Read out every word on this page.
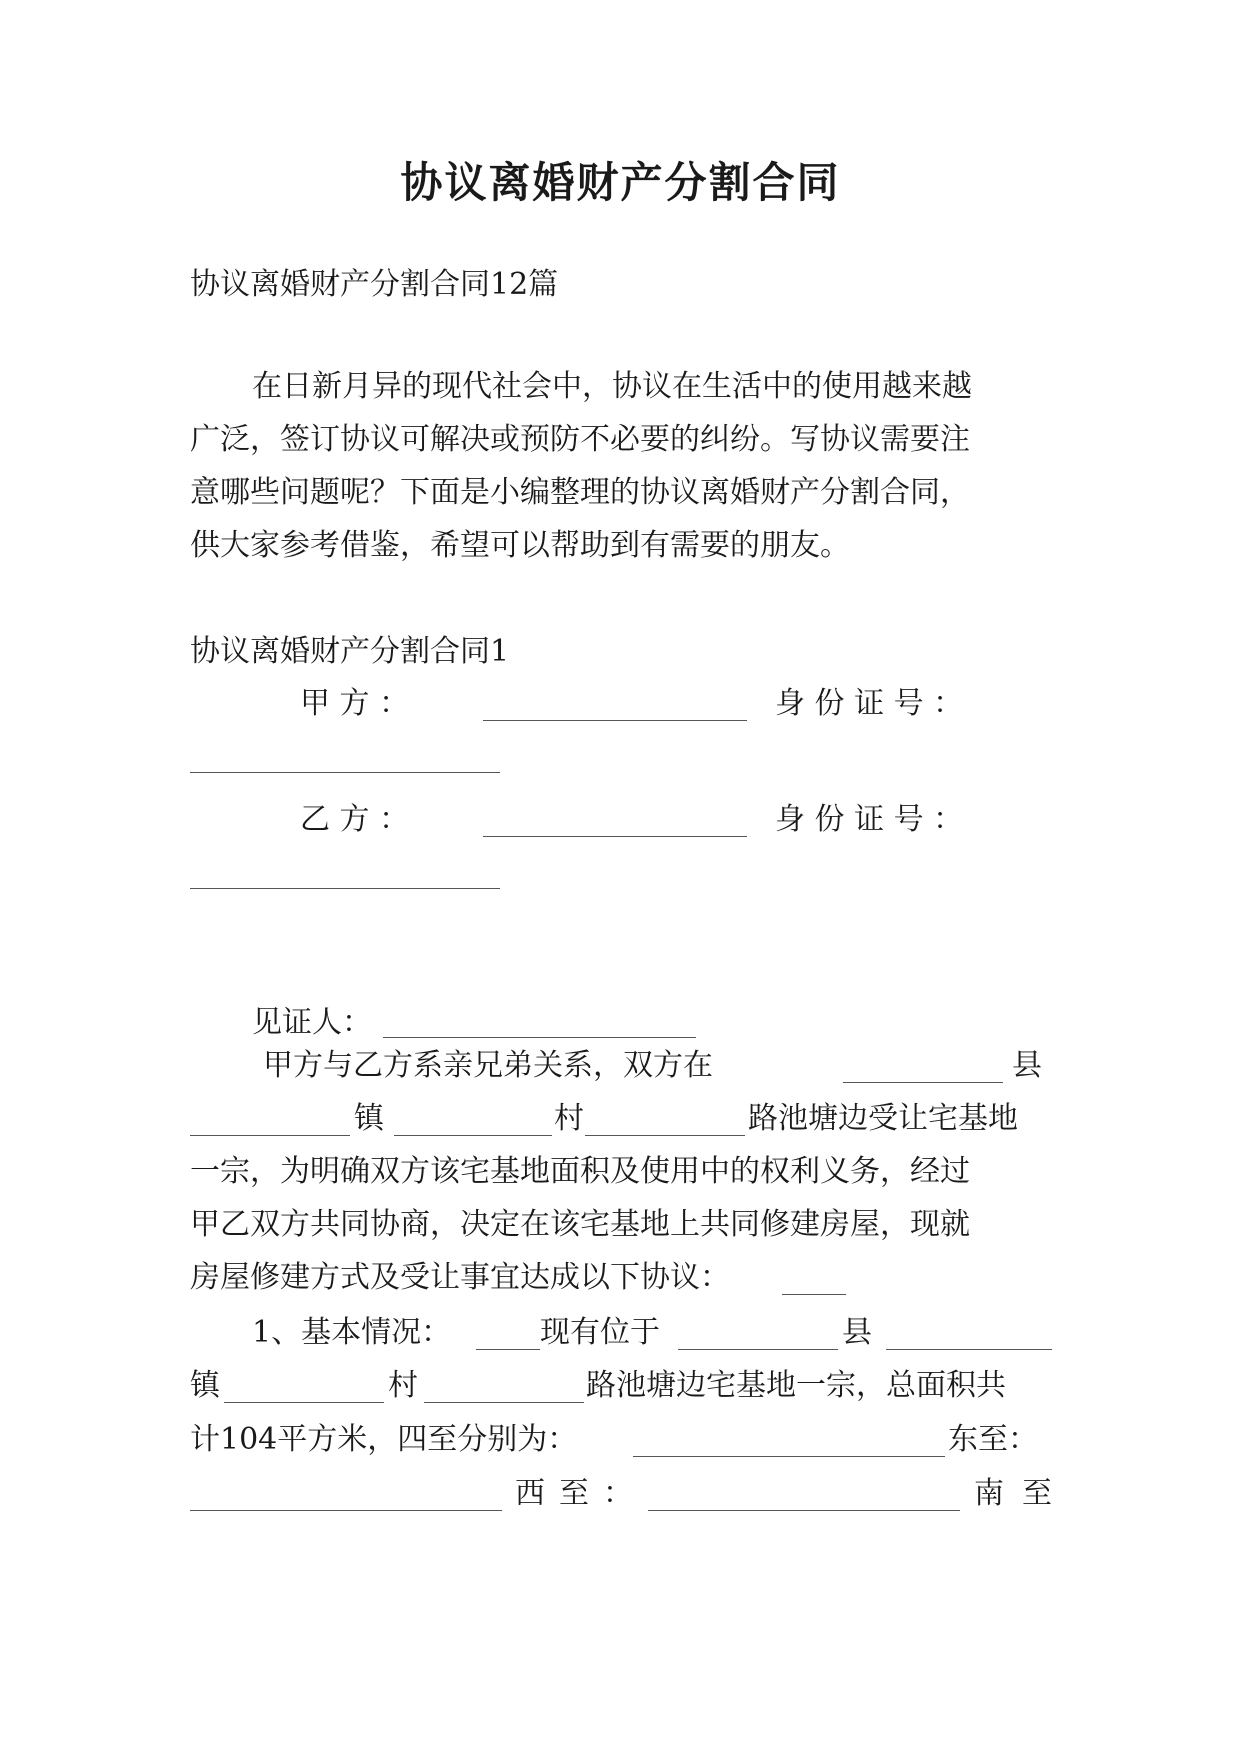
协议离婚财产分割合同
协议离婚财产分割合同12篇
在日新月异的现代社会中，协议在生活中的使用越来越
广泛，签订协议可解决或预防不必要的纠纷。写协议需要注
意哪些问题呢？下面是小编整理的协议离婚财产分割合同，
供大家参考借鉴，希望可以帮助到有需要的朋友。
协议离婚财产分割合同1
甲 方 ：	身 份 证 号 ：
乙 方 ：	身 份 证 号 ：
见证人：
甲方与乙方系亲兄弟关系，双方在	县
镇	村	路池塘边受让宅基地
一宗，为明确双方该宅基地面积及使用中的权利义务，经过
甲乙双方共同协商，决定在该宅基地上共同修建房屋，现就
房屋修建方式及受让事宜达成以下协议：
1、基本情况：	现有位于	县
镇	村	路池塘边宅基地一宗，总面积共
计104平方米，四至分别为：	东至：
西至：	南至
